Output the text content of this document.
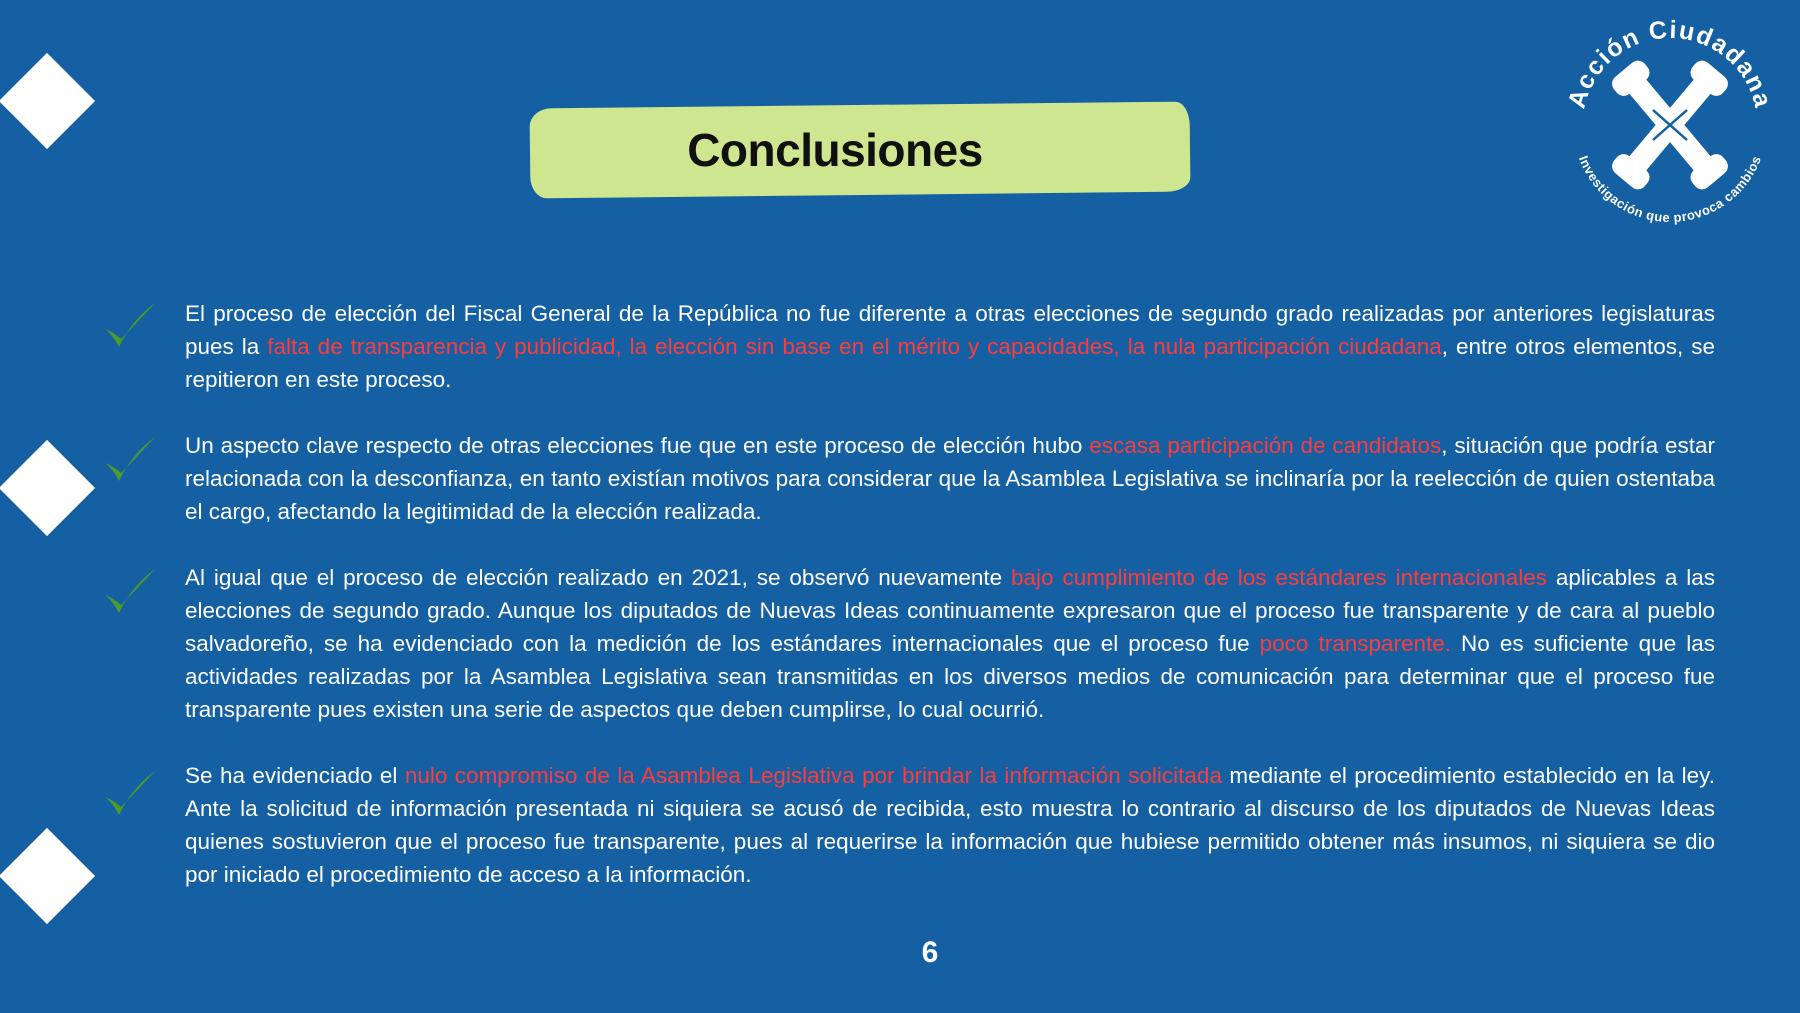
Conclusiones
Acción Ciudadana
Investigación que provoca cambios

El proceso de elección del Fiscal General de la República no fue diferente a otras elecciones de segundo grado realizadas por anteriores legislaturas pues la falta de transparencia y publicidad, la elección sin base en el mérito y capacidades, la nula participación ciudadana, entre otros elementos, se repitieron en este proceso.

Un aspecto clave respecto de otras elecciones fue que en este proceso de elección hubo escasa participación de candidatos, situación que podría estar relacionada con la desconfianza, en tanto existían motivos para considerar que la Asamblea Legislativa se inclinaría por la reelección de quien ostentaba el cargo, afectando la legitimidad de la elección realizada.

Al igual que el proceso de elección realizado en 2021, se observó nuevamente bajo cumplimiento de los estándares internacionales aplicables a las elecciones de segundo grado. Aunque los diputados de Nuevas Ideas continuamente expresaron que el proceso fue transparente y de cara al pueblo salvadoreño, se ha evidenciado con la medición de los estándares internacionales que el proceso fue poco transparente. No es suficiente que las actividades realizadas por la Asamblea Legislativa sean transmitidas en los diversos medios de comunicación para determinar que el proceso fue transparente pues existen una serie de aspectos que deben cumplirse, lo cual ocurrió.

Se ha evidenciado el nulo compromiso de la Asamblea Legislativa por brindar la información solicitada mediante el procedimiento establecido en la ley. Ante la solicitud de información presentada ni siquiera se acusó de recibida, esto muestra lo contrario al discurso de los diputados de Nuevas Ideas quienes sostuvieron que el proceso fue transparente, pues al requerirse la información que hubiese permitido obtener más insumos, ni siquiera se dio por iniciado el procedimiento de acceso a la información.

6
